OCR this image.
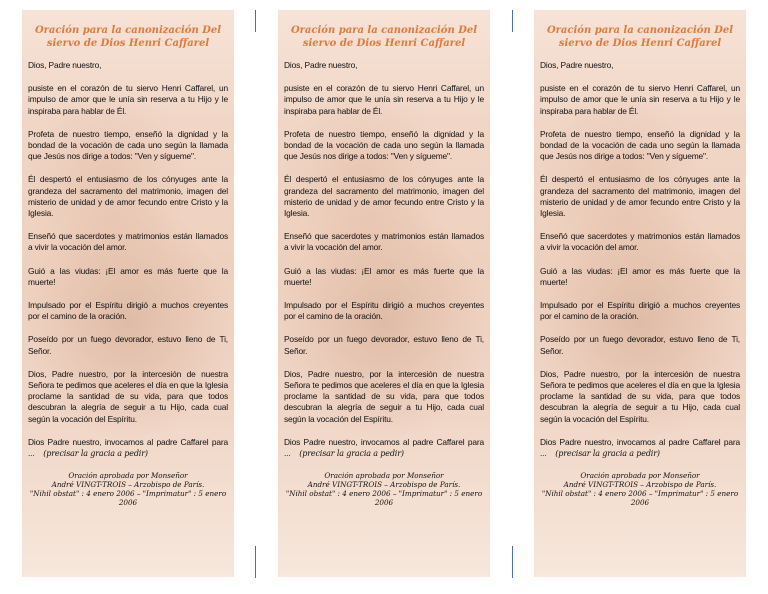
Oración para la canonización Del
siervo de Dios Henri Caffarel

Dios, Padre nuestro,

pusiste en el corazón de tu siervo Henri Caffarel, un impulso de amor que le unía sin reserva a tu Hijo y le inspiraba para hablar de Él.

Profeta de nuestro tiempo, enseñó la dignidad y la bondad de la vocación de cada uno según la llamada que Jesús nos dirige a todos: "Ven y sígueme".

Él despertó el entusiasmo de los cónyuges ante la grandeza del sacramento del matrimonio, imagen del misterio de unidad y de amor fecundo entre Cristo y la Iglesia.

Enseñó que sacerdotes y matrimonios están llamados a vivir la vocación del amor.

Guió a las viudas: ¡El amor es más fuerte que la muerte!

Impulsado por el Espíritu dirigió a muchos creyentes por el camino de la oración.

Poseído por un fuego devorador, estuvo lleno de Ti, Señor.

Dios, Padre nuestro, por la intercesión de nuestra Señora te pedimos que aceleres el día en que la Iglesia proclame la santidad de su vida, para que todos descubran la alegría de seguir a tu Hijo, cada cual según la vocación del Espíritu.

Dios Padre nuestro, invocamos al padre Caffarel para ... (precisar la gracia a pedir)

Oración aprobada por Monseñor

André VINGT-TROIS – Arzobispo de París.

"Nihil obstat" : 4 enero 2006 – "Imprimatur" : 5 enero 2006

Oración para la canonización Del
siervo de Dios Henri Caffarel

Dios, Padre nuestro,

pusiste en el corazón de tu siervo Henri Caffarel, un impulso de amor que le unía sin reserva a tu Hijo y le inspiraba para hablar de Él.

Profeta de nuestro tiempo, enseñó la dignidad y la bondad de la vocación de cada uno según la llamada que Jesús nos dirige a todos: "Ven y sígueme".

Él despertó el entusiasmo de los cónyuges ante la grandeza del sacramento del matrimonio, imagen del misterio de unidad y de amor fecundo entre Cristo y la Iglesia.

Enseñó que sacerdotes y matrimonios están llamados a vivir la vocación del amor.

Guió a las viudas: ¡El amor es más fuerte que la muerte!

Impulsado por el Espíritu dirigió a muchos creyentes por el camino de la oración.

Poseído por un fuego devorador, estuvo lleno de Ti, Señor.

Dios, Padre nuestro, por la intercesión de nuestra Señora te pedimos que aceleres el día en que la Iglesia proclame la santidad de su vida, para que todos descubran la alegría de seguir a tu Hijo, cada cual según la vocación del Espíritu.

Dios Padre nuestro, invocamos al padre Caffarel para ... (precisar la gracia a pedir)

Oración aprobada por Monseñor

André VINGT-TROIS – Arzobispo de París.

"Nihil obstat" : 4 enero 2006 – "Imprimatur" : 5 enero 2006

Oración para la canonización Del
siervo de Dios Henri Caffarel

Dios, Padre nuestro,

pusiste en el corazón de tu siervo Henri Caffarel, un impulso de amor que le unía sin reserva a tu Hijo y le inspiraba para hablar de Él.

Profeta de nuestro tiempo, enseñó la dignidad y la bondad de la vocación de cada uno según la llamada que Jesús nos dirige a todos: "Ven y sígueme".

Él despertó el entusiasmo de los cónyuges ante la grandeza del sacramento del matrimonio, imagen del misterio de unidad y de amor fecundo entre Cristo y la Iglesia.

Enseñó que sacerdotes y matrimonios están llamados a vivir la vocación del amor.

Guió a las viudas: ¡El amor es más fuerte que la muerte!

Impulsado por el Espíritu dirigió a muchos creyentes por el camino de la oración.

Poseído por un fuego devorador, estuvo lleno de Ti, Señor.

Dios, Padre nuestro, por la intercesión de nuestra Señora te pedimos que aceleres el día en que la Iglesia proclame la santidad de su vida, para que todos descubran la alegría de seguir a tu Hijo, cada cual según la vocación del Espíritu.

Dios Padre nuestro, invocamos al padre Caffarel para ... (precisar la gracia a pedir)

Oración aprobada por Monseñor

André VINGT-TROIS – Arzobispo de París.

"Nihil obstat" : 4 enero 2006 – "Imprimatur" : 5 enero 2006
